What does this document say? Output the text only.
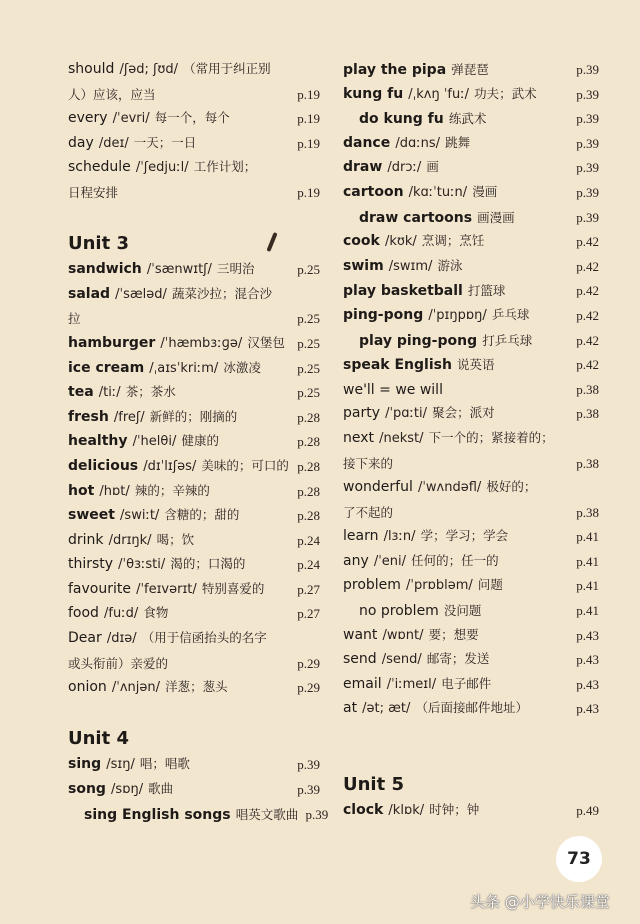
should /ʃəd; ʃʊd/ （常用于纠正别
人）应该，应当	p.19
every /ˈevri/ 每一个，每个	p.19
day /deɪ/ 一天；一日	p.19
schedule /ˈʃedjuːl/ 工作计划；
日程安排	p.19
Unit 3
sandwich /ˈsænwɪtʃ/ 三明治	p.25
salad /ˈsæləd/ 蔬菜沙拉；混合沙
拉	p.25
hamburger /ˈhæmbɜːɡə/ 汉堡包 p.25
ice cream /ˌaɪsˈkriːm/ 冰激凌	p.25
tea /tiː/ 茶；茶水	p.25
fresh /freʃ/ 新鲜的；刚摘的	p.28
healthy /ˈhelθi/ 健康的	p.28
delicious /dɪˈlɪʃəs/ 美味的；可口的 p.28
hot /hɒt/ 辣的；辛辣的	p.28
sweet /swiːt/ 含糖的；甜的	p.28
drink /drɪŋk/ 喝；饮	p.24
thirsty /ˈθɜːsti/ 渴的；口渴的	p.24
favourite /ˈfeɪvərɪt/ 特别喜爱的	p.27
food /fuːd/ 食物	p.27
Dear /dɪə/ （用于信函抬头的名字
或头衔前）亲爱的	p.29
onion /ˈʌnjən/ 洋葱；葱头	p.29
Unit 4
sing /sɪŋ/ 唱；唱歌	p.39
song /sɒŋ/ 歌曲	p.39
sing English songs 唱英文歌曲 p.39
play the pipa 弹琵琶	p.39
kung fu /ˌkʌŋ ˈfuː/ 功夫；武术	p.39
do kung fu 练武术	p.39
dance /dɑːns/ 跳舞	p.39
draw /drɔː/ 画	p.39
cartoon /kɑːˈtuːn/ 漫画	p.39
draw cartoons 画漫画	p.39
cook /kʊk/ 烹调；烹饪	p.42
swim /swɪm/ 游泳	p.42
play basketball 打篮球	p.42
ping-pong /ˈpɪŋpɒŋ/ 乒乓球	p.42
play ping-pong 打乒乓球	p.42
speak English 说英语	p.42
we'll = we will	p.38
party /ˈpɑːti/ 聚会；派对	p.38
next /nekst/ 下一个的；紧接着的；
接下来的	p.38
wonderful /ˈwʌndəfl/ 极好的；
了不起的	p.38
learn /lɜːn/ 学；学习；学会	p.41
any /ˈeni/ 任何的；任一的	p.41
problem /ˈprɒbləm/ 问题	p.41
no problem 没问题	p.41
want /wɒnt/ 要；想要	p.43
send /send/ 邮寄；发送	p.43
email /ˈiːmeɪl/ 电子邮件	p.43
at /ət; æt/ （后面接邮件地址）	p.43
Unit 5
clock /klɒk/ 时钟；钟	p.49
73
头条 @小学快乐课堂
